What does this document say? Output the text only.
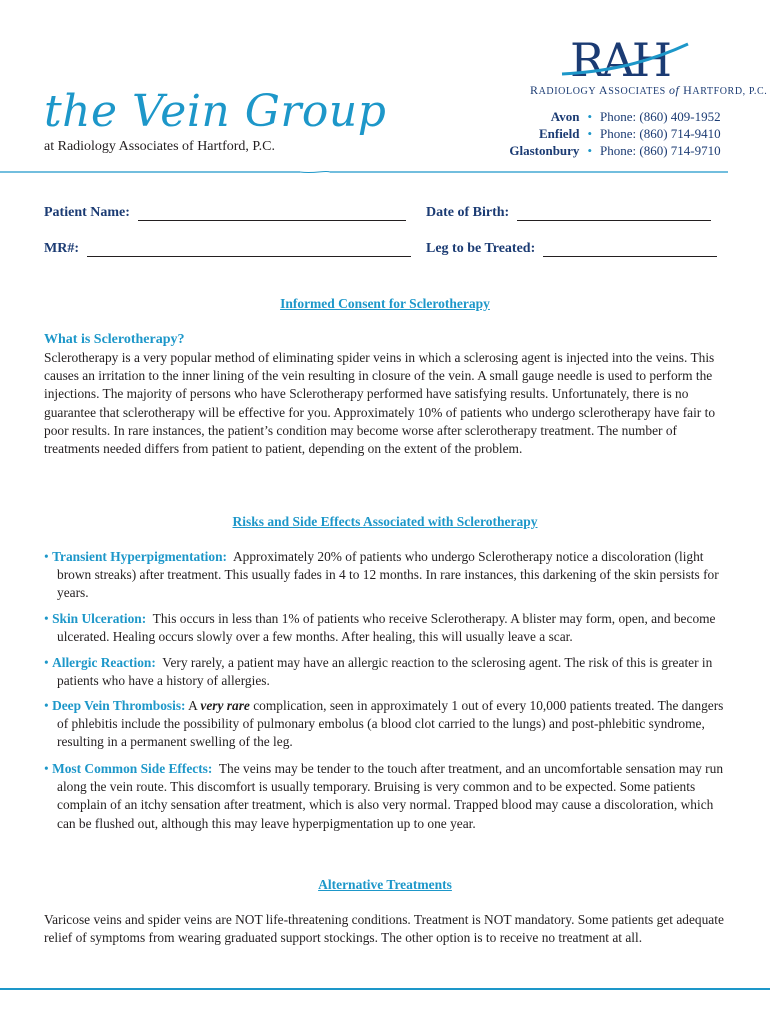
the Vein Group
at Radiology Associates of Hartford, P.C.
RAH
RADIOLOGY ASSOCIATES of HARTFORD, P.C.
Avon • Phone: (860) 409-1952
Enfield • Phone: (860) 714-9410
Glastonbury • Phone: (860) 714-9710
Patient Name:	Date of Birth:
MR#:	Leg to be Treated:
Informed Consent for Sclerotherapy
What is Sclerotherapy?
Sclerotherapy is a very popular method of eliminating spider veins in which a sclerosing agent is injected into the veins. This causes an irritation to the inner lining of the vein resulting in closure of the vein. A small gauge needle is used to perform the injections. The majority of persons who have Sclerotherapy performed have satisfying results. Unfortunately, there is no guarantee that sclerotherapy will be effective for you. Approximately 10% of patients who undergo sclerotherapy have fair to poor results. In rare instances, the patient’s condition may become worse after sclerotherapy treatment. The number of treatments needed differs from patient to patient, depending on the extent of the problem.
Risks and Side Effects Associated with Sclerotherapy
• Transient Hyperpigmentation: Approximately 20% of patients who undergo Sclerotherapy notice a discoloration (light brown streaks) after treatment. This usually fades in 4 to 12 months. In rare instances, this darkening of the skin persists for years.
• Skin Ulceration: This occurs in less than 1% of patients who receive Sclerotherapy. A blister may form, open, and become ulcerated. Healing occurs slowly over a few months. After healing, this will usually leave a scar.
• Allergic Reaction: Very rarely, a patient may have an allergic reaction to the sclerosing agent. The risk of this is greater in patients who have a history of allergies.
• Deep Vein Thrombosis: A very rare complication, seen in approximately 1 out of every 10,000 patients treated. The dangers of phlebitis include the possibility of pulmonary embolus (a blood clot carried to the lungs) and post-phlebitic syndrome, resulting in a permanent swelling of the leg.
• Most Common Side Effects: The veins may be tender to the touch after treatment, and an uncomfortable sensation may run along the vein route. This discomfort is usually temporary. Bruising is very common and to be expected. Some patients complain of an itchy sensation after treatment, which is also very normal. Trapped blood may cause a discoloration, which can be flushed out, although this may leave hyperpigmentation up to one year.
Alternative Treatments
Varicose veins and spider veins are NOT life-threatening conditions. Treatment is NOT mandatory. Some patients get adequate relief of symptoms from wearing graduated support stockings. The other option is to receive no treatment at all.
